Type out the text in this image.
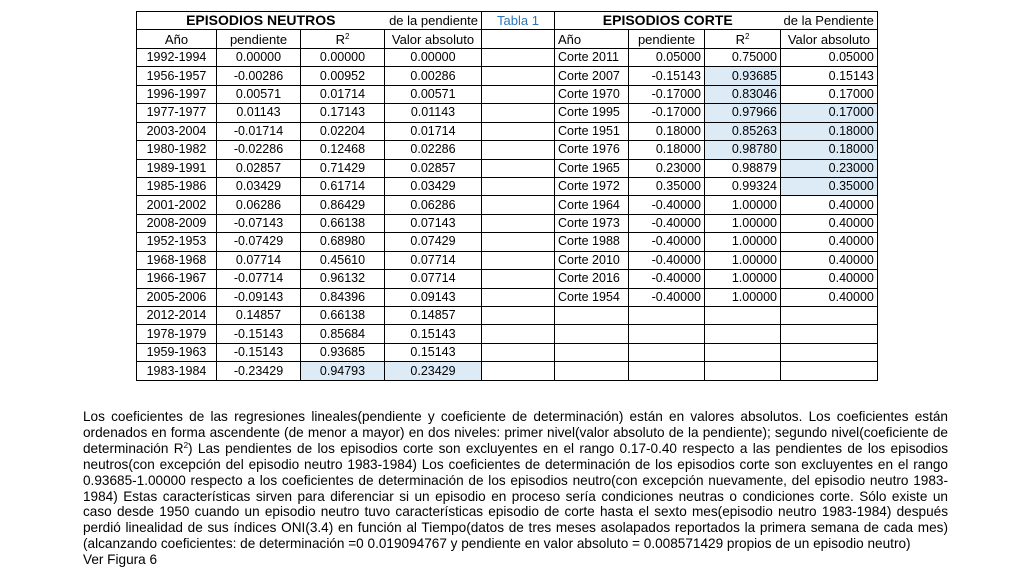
EPISODIOS NEUTROS			de la pendiente	Tabla 1	EPISODIOS CORTE			de la Pendiente
Año	pendiente	$R^2$	Valor absoluto		Año	pendiente	$R^2$	Valor absoluto
1992-1994	0.00000	0.00000	0.00000		Corte 2011	0.05000	0.75000	0.05000
1956-1957	-0.00286	0.00952	0.00286		Corte 2007	-0.15143	0.93685	0.15143
1996-1997	0.00571	0.01714	0.00571		Corte 1970	-0.17000	0.83046	0.17000
1977-1977	0.01143	0.17143	0.01143		Corte 1995	-0.17000	0.97966	0.17000
2003-2004	-0.01714	0.02204	0.01714		Corte 1951	0.18000	0.85263	0.18000
1980-1982	-0.02286	0.12468	0.02286		Corte 1976	0.18000	0.98780	0.18000
1989-1991	0.02857	0.71429	0.02857		Corte 1965	0.23000	0.98879	0.23000
1985-1986	0.03429	0.61714	0.03429		Corte 1972	0.35000	0.99324	0.35000
2001-2002	0.06286	0.86429	0.06286		Corte 1964	-0.40000	1.00000	0.40000
2008-2009	-0.07143	0.66138	0.07143		Corte 1973	-0.40000	1.00000	0.40000
1952-1953	-0.07429	0.68980	0.07429		Corte 1988	-0.40000	1.00000	0.40000
1968-1968	0.07714	0.45610	0.07714		Corte 2010	-0.40000	1.00000	0.40000
1966-1967	-0.07714	0.96132	0.07714		Corte 2016	-0.40000	1.00000	0.40000
2005-2006	-0.09143	0.84396	0.09143		Corte 1954	-0.40000	1.00000	0.40000
2012-2014	0.14857	0.66138	0.14857					
1978-1979	-0.15143	0.85684	0.15143					
1959-1963	-0.15143	0.93685	0.15143					
1983-1984	-0.23429	0.94793	0.23429					

Los coeficientes de las regresiones lineales(pendiente y coeficiente de determinación) están en valores absolutos. Los coeficientes están ordenados en forma ascendente (de menor a mayor) en dos niveles: primer nivel(valor absoluto de la pendiente); segundo nivel(coeficiente de determinación $R^2$) Las pendientes de los episodios corte son excluyentes en el rango 0.17-0.40 respecto a las pendientes de los episodios neutros(con excepción del episodio neutro 1983-1984) Los coeficientes de determinación de los episodios corte son excluyentes en el rango 0.93685-1.00000 respecto a los coeficientes de determinación de los episodios neutro(con excepción nuevamente, del episodio neutro 1983-1984) Estas características sirven para diferenciar si un episodio en proceso sería condiciones neutras o condiciones corte. Sólo existe un caso desde 1950 cuando un episodio neutro tuvo características episodio de corte hasta el sexto mes(episodio neutro 1983-1984) después perdió linealidad de sus índices ONI(3.4) en función al Tiempo(datos de tres meses asolapados reportados la primera semana de cada mes)(alcanzando coeficientes: de determinación =0 0.019094767 y pendiente en valor absoluto = 0.008571429 propios de un episodio neutro)
Ver Figura 6
